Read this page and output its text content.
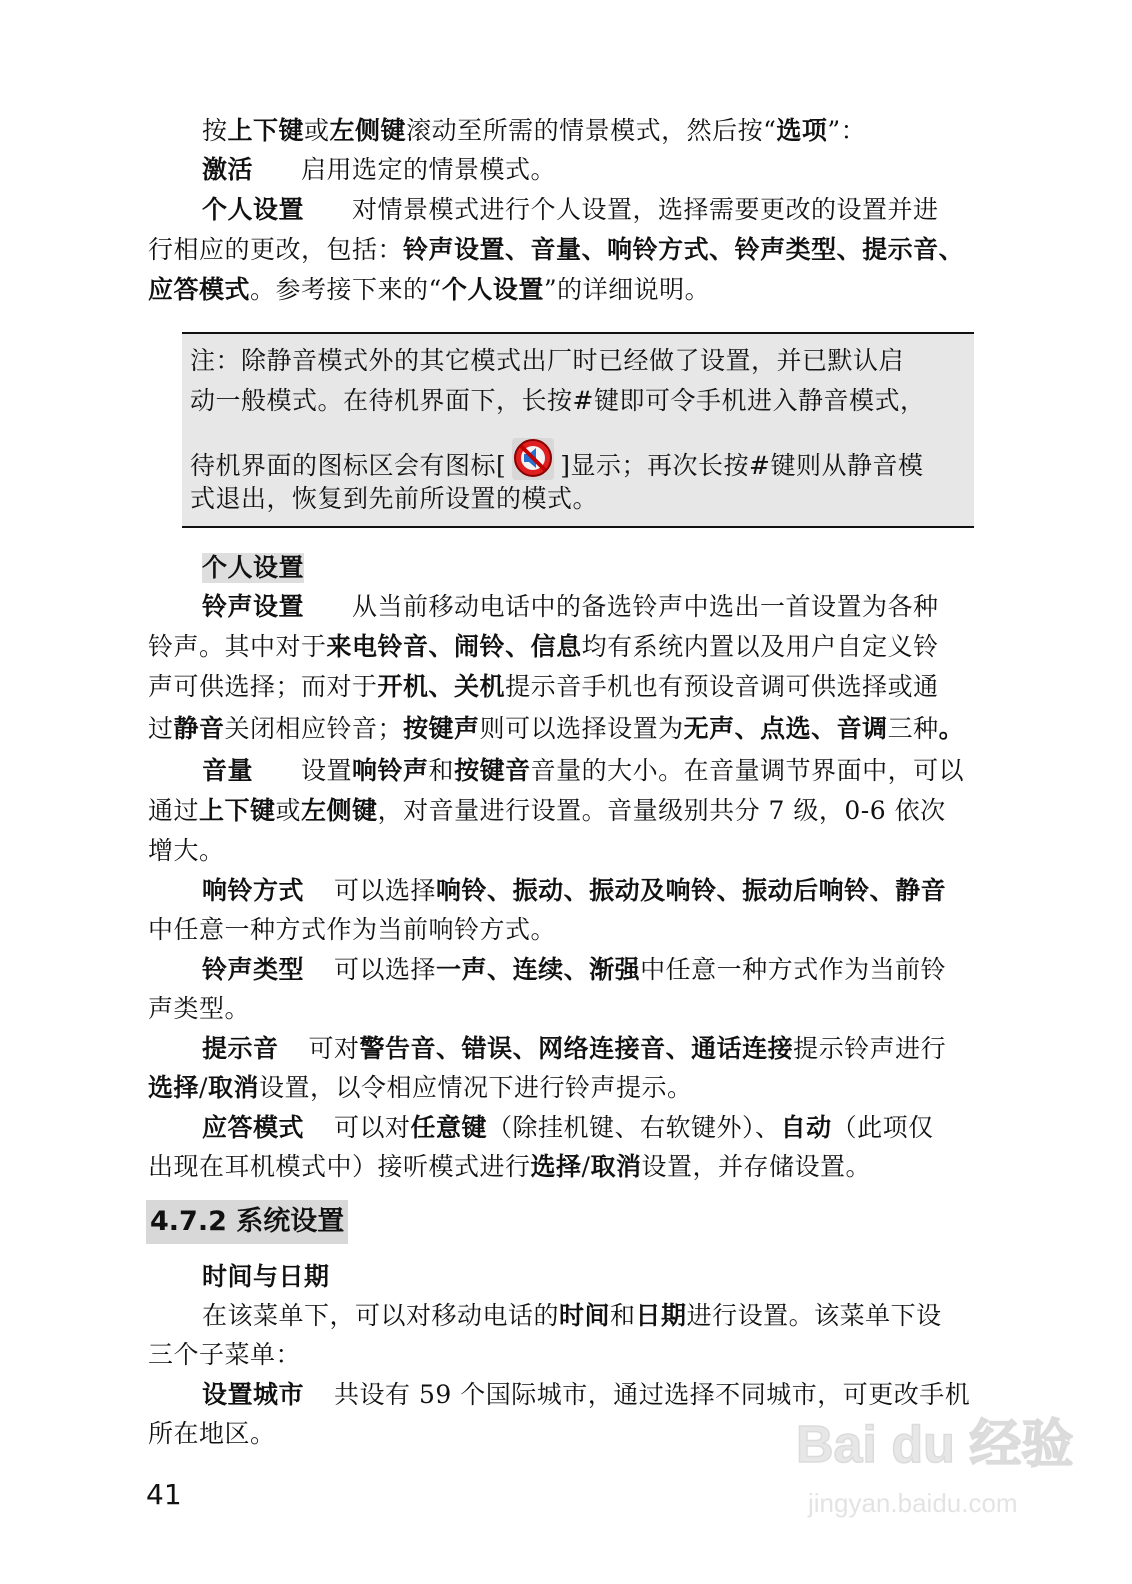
按上下键或左侧键滚动至所需的情景模式，然后按“选项”：
激活 启用选定的情景模式。
个人设置 对情景模式进行个人设置，选择需要更改的设置并进
行相应的更改，包括：铃声设置、音量、响铃方式、铃声类型、提示音、
应答模式。参考接下来的“个人设置”的详细说明。
注：除静音模式外的其它模式出厂时已经做了设置，并已默认启
动一般模式。在待机界面下，长按#键即可令手机进入静音模式，
待机界面的图标区会有图标[ ]显示；再次长按#键则从静音模
式退出，恢复到先前所设置的模式。
个人设置
铃声设置 从当前移动电话中的备选铃声中选出一首设置为各种
铃声。其中对于来电铃音、闹铃、信息均有系统内置以及用户自定义铃
声可供选择；而对于开机、关机提示音手机也有预设音调可供选择或通
过静音关闭相应铃音；按键声则可以选择设置为无声、点选、音调三种。
音量 设置响铃声和按键音音量的大小。在音量调节界面中，可以
通过上下键或左侧键，对音量进行设置。音量级别共分 7 级，0-6 依次
增大。
响铃方式 可以选择响铃、振动、振动及响铃、振动后响铃、静音
中任意一种方式作为当前响铃方式。
铃声类型 可以选择一声、连续、渐强中任意一种方式作为当前铃
声类型。
提示音 可对警告音、错误、网络连接音、通话连接提示铃声进行
选择/取消设置，以令相应情况下进行铃声提示。
应答模式 可以对任意键（除挂机键、右软键外）、自动（此项仅
出现在耳机模式中）接听模式进行选择/取消设置，并存储设置。
4.7.2 系统设置
时间与日期
在该菜单下，可以对移动电话的时间和日期进行设置。该菜单下设
三个子菜单：
设置城市 共设有 59 个国际城市，通过选择不同城市，可更改手机
所在地区。
41
Bai du 经验
jingyan.baidu.com
